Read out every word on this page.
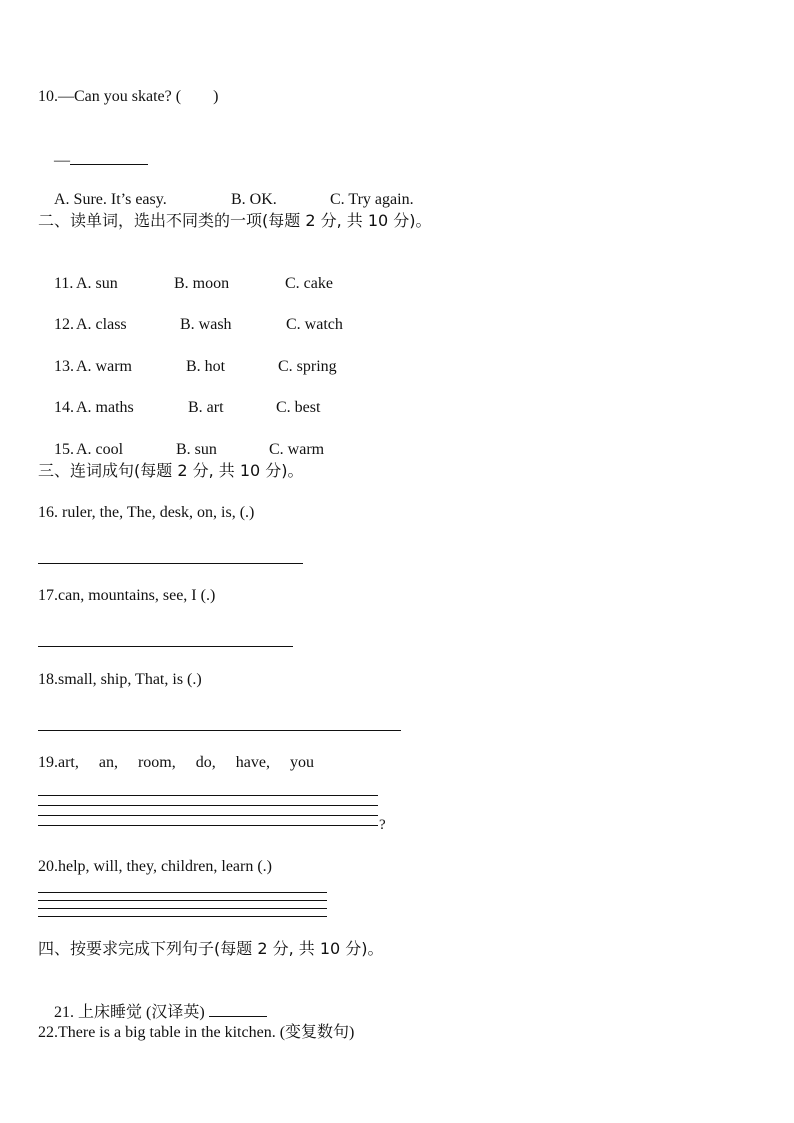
10.—Can you skate? (        )

—

A. Sure. It’s easy.	B. OK.	C. Try again.

二、读单词，选出不同类的一项(每题 2 分, 共 10 分)。

11. A. sun	B. moon	C. cake

12. A. class	B. wash	C. watch

13. A. warm	B. hot	C. spring

14. A. maths	B. art	C. best

15. A. cool	B. sun	C. warm

三、连词成句(每题 2 分, 共 10 分)。
16. ruler, the, The, desk, on, is, (.)
17.can, mountains, see, I (.)
18.small, ship, That, is (.)
19.art,     an,     room,     do,     have,     you
?
20.help, will, they, children, learn (.)
四、按要求完成下列句子(每题 2 分, 共 10 分)。

21. 上床睡觉 (汉译英)

22.There is a big table in the kitchen. (变复数句)
